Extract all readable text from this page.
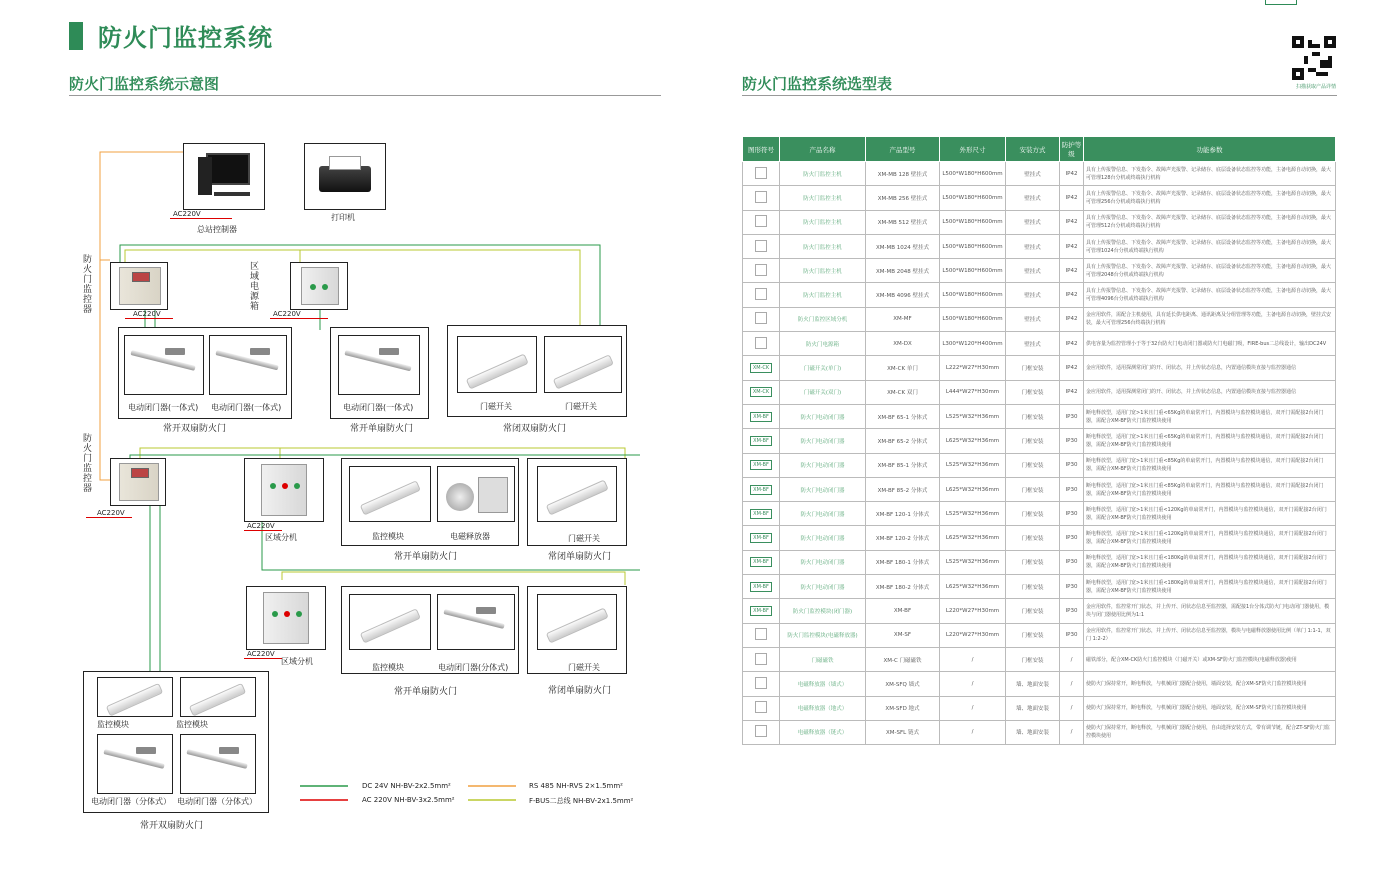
防火门监控系统
防火门监控系统示意图	防火门监控系统选型表	扫描获取产品详情
AC220V
总站控制器
打印机
防火门监控器	AC220V
区域电源箱
AC220V
电动闭门器(一体式) 电动闭门器(一体式)
常开双扇防火门
电动闭门器(一体式)
常开单扇防火门
门磁开关	门磁开关
常闭双扇防火门
防火门监控器
AC220V
AC220V
区域分机	监控模块	电磁释放器
常开单扇防火门
门磁开关
常闭单扇防火门
AC220V
区域分机
监控模块	电动闭门器(分体式)
常开单扇防火门
门磁开关
常闭单扇防火门
监控模块	监控模块
电动闭门器（分体式） 电动闭门器（分体式）
常开双扇防火门
DC 24V NH-BV-2x2.5mm²
AC 220V NH-BV-3x2.5mm²
RS 485 NH-RVS 2×1.5mm²
F-BUS二总线 NH-BV-2x1.5mm²
图形符号	产品名称	产品型号	外形尺寸	安装方式	防护等级	功能参数
	防火门监控主机	XM-MB 128 壁挂式	L500*W180*H600mm	壁挂式	IP42	具有上传报警信息、下发指令、故障声光报警、记录储存、底层设备状态监控等功能，主备电源自动切换，最大可管理128台分机或终端执行机构
	防火门监控主机	XM-MB 256 壁挂式	L500*W180*H600mm	壁挂式	IP42	具有上传报警信息、下发指令、故障声光报警、记录储存、底层设备状态监控等功能，主备电源自动切换，最大可管理256台分机或终端执行机构
	防火门监控主机	XM-MB 512 壁挂式	L500*W180*H600mm	壁挂式	IP42	具有上传报警信息、下发指令、故障声光报警、记录储存、底层设备状态监控等功能，主备电源自动切换，最大可管理512台分机或终端执行机构
	防火门监控主机	XM-MB 1024 壁挂式	L500*W180*H600mm	壁挂式	IP42	具有上传报警信息、下发指令、故障声光报警、记录储存、底层设备状态监控等功能，主备电源自动切换，最大可管理1024台分机或终端执行机构
	防火门监控主机	XM-MB 2048 壁挂式	L500*W180*H600mm	壁挂式	IP42	具有上传报警信息、下发指令、故障声光报警、记录储存、底层设备状态监控等功能，主备电源自动切换，最大可管理2048台分机或终端执行机构
	防火门监控主机	XM-MB 4096 壁挂式	L500*W180*H600mm	壁挂式	IP42	具有上传报警信息、下发指令、故障声光报警、记录储存、底层设备状态监控等功能，主备电源自动切换，最大可管理4096台分机或终端执行机构
	防火门监控区域分机	XM-MF	L500*W180*H600mm	壁挂式	IP42	金应用软件，需配合主机使用，具有延长供电距离、通讯距离及分组管理等功能，主备电源自动切换，壁挂式安装，最大可管理256台终端执行机构
	防火门电源箱	XM-DX	L300*W120*H400mm	壁挂式	IP42	供电容量为监控管理小于等于32台防火门电动闭门器或防火门电磁门吸，FIRE-bus二总线设计，输出DC24V
XM-CK	门磁开关(单门)	XM-CK 单门	L222*W27*H30mm	门框安装	IP42	金应用软件，适用探测常闭门的开、闭状态，并上传状态信息，内置通信模块直接与监控器通信
XM-CK	门磁开关(双门)	XM-CK 双门	L444*W27*H30mm	门框安装	IP42	金应用软件，适用探测常闭门的开、闭状态，并上传状态信息，内置通信模块直接与监控器通信
XM-BF	防火门电动闭门器	XM-BF 65-1 分体式	L525*W32*H36mm	门框安装	IP30	断电释放型，适用门宽>1米且门重<65Kg的单扇常开门，内置模块与监控模块通信，双开门需配接2台闭门器，需配合XM-BF防火门监控模块使用
XM-BF	防火门电动闭门器	XM-BF 65-2 分体式	L625*W32*H36mm	门框安装	IP30	断电释放型，适用门宽>1米且门重<65Kg的单扇常开门，内置模块与监控模块通信，双开门需配接2台闭门器，需配合XM-BF防火门监控模块使用
XM-BF	防火门电动闭门器	XM-BF 85-1 分体式	L525*W32*H36mm	门框安装	IP30	断电释放型，适用门宽>1米且门重<85Kg的单扇常开门，内置模块与监控模块通信，双开门需配接2台闭门器，需配合XM-BF防火门监控模块使用
XM-BF	防火门电动闭门器	XM-BF 85-2 分体式	L625*W32*H36mm	门框安装	IP30	断电释放型，适用门宽>1米且门重<85Kg的单扇常开门，内置模块与监控模块通信，双开门需配接2台闭门器，需配合XM-BF防火门监控模块使用
XM-BF	防火门电动闭门器	XM-BF 120-1 分体式	L525*W32*H36mm	门框安装	IP30	断电释放型，适用门宽>1米且门重<120Kg的单扇常开门，内置模块与监控模块通信，双开门需配接2台闭门器，需配合XM-BF防火门监控模块使用
XM-BF	防火门电动闭门器	XM-BF 120-2 分体式	L625*W32*H36mm	门框安装	IP30	断电释放型，适用门宽>1米且门重<120Kg的单扇常开门，内置模块与监控模块通信，双开门需配接2台闭门器，需配合XM-BF防火门监控模块使用
XM-BF	防火门电动闭门器	XM-BF 180-1 分体式	L525*W32*H36mm	门框安装	IP30	断电释放型，适用门宽>1米且门重<180Kg的单扇常开门，内置模块与监控模块通信，双开门需配接2台闭门器，需配合XM-BF防火门监控模块使用
XM-BF	防火门电动闭门器	XM-BF 180-2 分体式	L625*W32*H36mm	门框安装	IP30	断电释放型，适用门宽>1米且门重<180Kg的单扇常开门，内置模块与监控模块通信，双开门需配接2台闭门器，需配合XM-BF防火门监控模块使用
XM-BF	防火门监控模块(闭门器)	XM-BF	L220*W27*H30mm	门框安装	IP30	金应用软件，监控常开门状态，并上传开、闭状态信息至监控器，需配接1台分体式防火门电动闭门器使用，模块与闭门器使用比例为1:1
	防火门监控模块(电磁释放器)	XM-SF	L220*W27*H30mm	门框安装	IP30	金应用软件，监控常开门状态，并上传开、闭状态信息至监控器，模块与电磁释放器使用比例（单门 1:1-1，双门 1:2-2）
	门磁磁铁	XM-C 门磁磁铁	/	门框安装	/	磁铁部分，配合XM-CK防火门监控模块（门磁开关）或XM-SF防火门监控模块(电磁释放器)使用
	电磁释放器（墙式）	XM-SFQ 墙式	/	墙、地面安装	/	使防火门保持常开，断电释放，与机械闭门器配合使用，墙面安装，配合XM-SF防火门监控模块使用
	电磁释放器（地式）	XM-SFD 地式	/	墙、地面安装	/	使防火门保持常开，断电释放，与机械闭门器配合使用，地面安装，配合XM-SF防火门监控模块使用
	电磁释放器（链式）	XM-SFL 链式	/	墙、地面安装	/	使防火门保持常开，断电释放，与机械闭门器配合使用，自由选择安装方式，带有调节链，配合ZT-SF防火门监控模块使用
